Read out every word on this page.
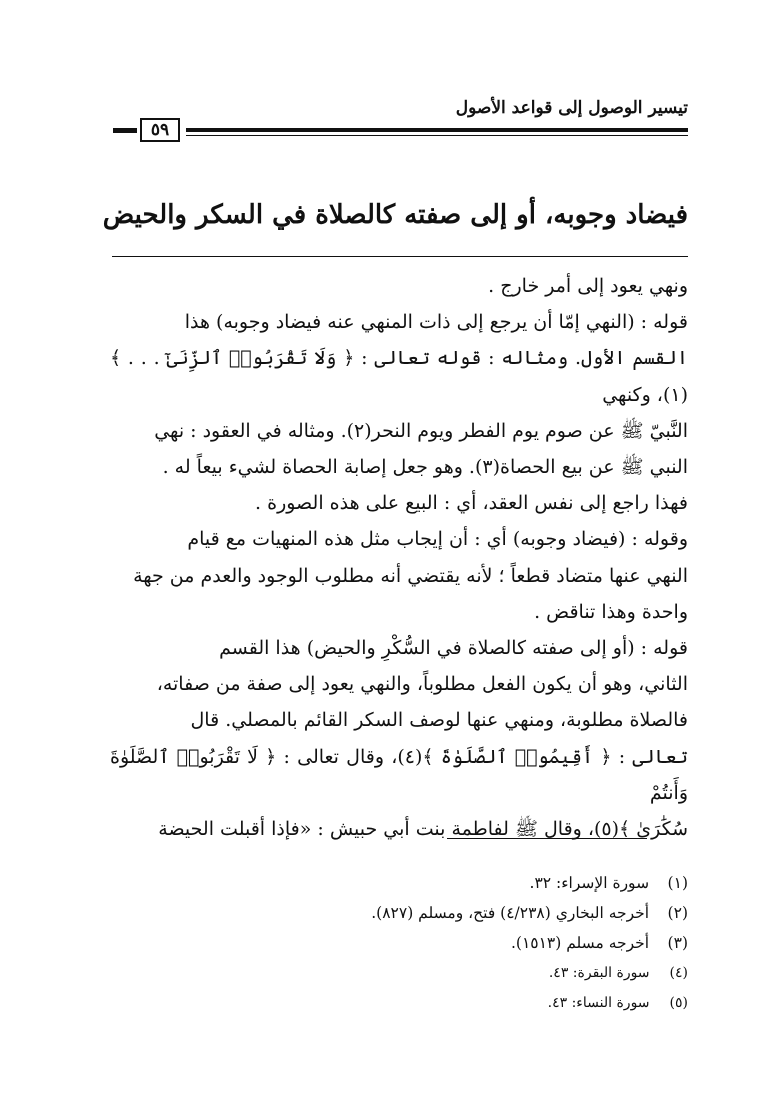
تيسير الوصول إلى قواعد الأصول
٥٩
فيضاد وجوبه، أو إلى صفته كالصلاة في السكر والحيض
ونهي يعود إلى أمر خارج .
قوله : (النهي إمّا أن يرجع إلى ذات المنهي عنه فيضاد وجوبه) هذا
القسم الأول. ومثاله : قوله تعالى : ﴿ وَلَا تَقْرَبُوا۟ ٱلزِّنَىٰٓ . . . ﴾(١)، وكنهي
النَّبيّ ﷺ عن صوم يوم الفطر ويوم النحر(٢). ومثاله في العقود : نهي
النبي ﷺ عن بيع الحصاة(٣). وهو جعل إصابة الحصاة لشيء بيعاً له .
فهذا راجع إلى نفس العقد، أي : البيع على هذه الصورة .
وقوله : (فيضاد وجوبه) أي : أن إيجاب مثل هذه المنهيات مع قيام
النهي عنها متضاد قطعاً ؛ لأنه يقتضي أنه مطلوب الوجود والعدم من جهة
واحدة وهذا تناقض .
قوله : (أو إلى صفته كالصلاة في السُّكْرِ والحيض) هذا القسم
الثاني، وهو أن يكون الفعل مطلوباً، والنهي يعود إلى صفة من صفاته،
فالصلاة مطلوبة، ومنهي عنها لوصف السكر القائم بالمصلي. قال
تعالى : ﴿ أَقِيمُوا۟ ٱلصَّلَوٰةَ ﴾(٤)، وقال تعالى : ﴿ لَا تَقْرَبُوا۟ ٱلصَّلَوٰةَ وَأَنتُمْ
سُكَٰرَىٰ ﴾(٥)، وقال ﷺ لفاطمة بنت أبي حبيش : «فإذا أقبلت الحيضة
(١) سورة الإسراء: ٣٢.
(٢) أخرجه البخاري (٤/٢٣٨) فتح، ومسلم (٨٢٧).
(٣) أخرجه مسلم (١٥١٣).
(٤) سورة البقرة: ٤٣.
(٥) سورة النساء: ٤٣.
